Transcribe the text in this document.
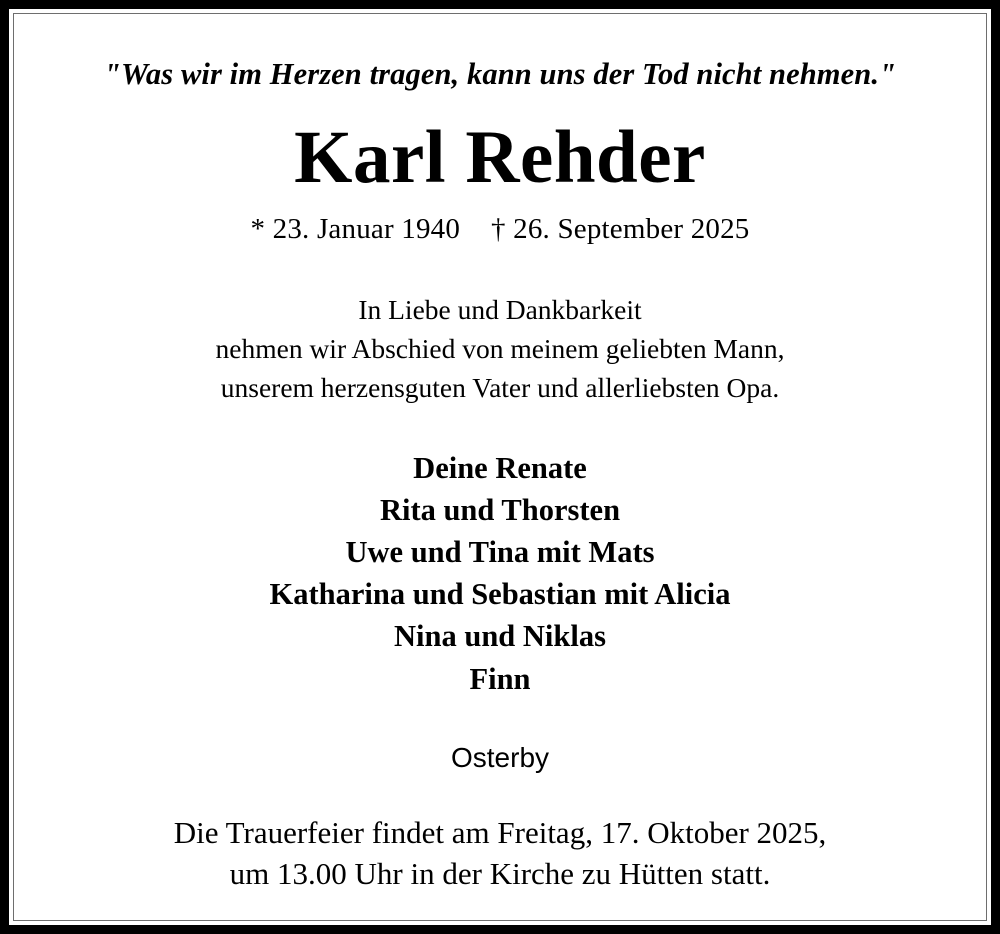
"Was wir im Herzen tragen, kann uns der Tod nicht nehmen."
Karl Rehder
* 23. Januar 1940 † 26. September 2025
In Liebe und Dankbarkeit
nehmen wir Abschied von meinem geliebten Mann,
unserem herzensguten Vater und allerliebsten Opa.
Deine Renate
Rita und Thorsten
Uwe und Tina mit Mats
Katharina und Sebastian mit Alicia
Nina und Niklas
Finn
Osterby
Die Trauerfeier findet am Freitag, 17. Oktober 2025,
um 13.00 Uhr in der Kirche zu Hütten statt.
